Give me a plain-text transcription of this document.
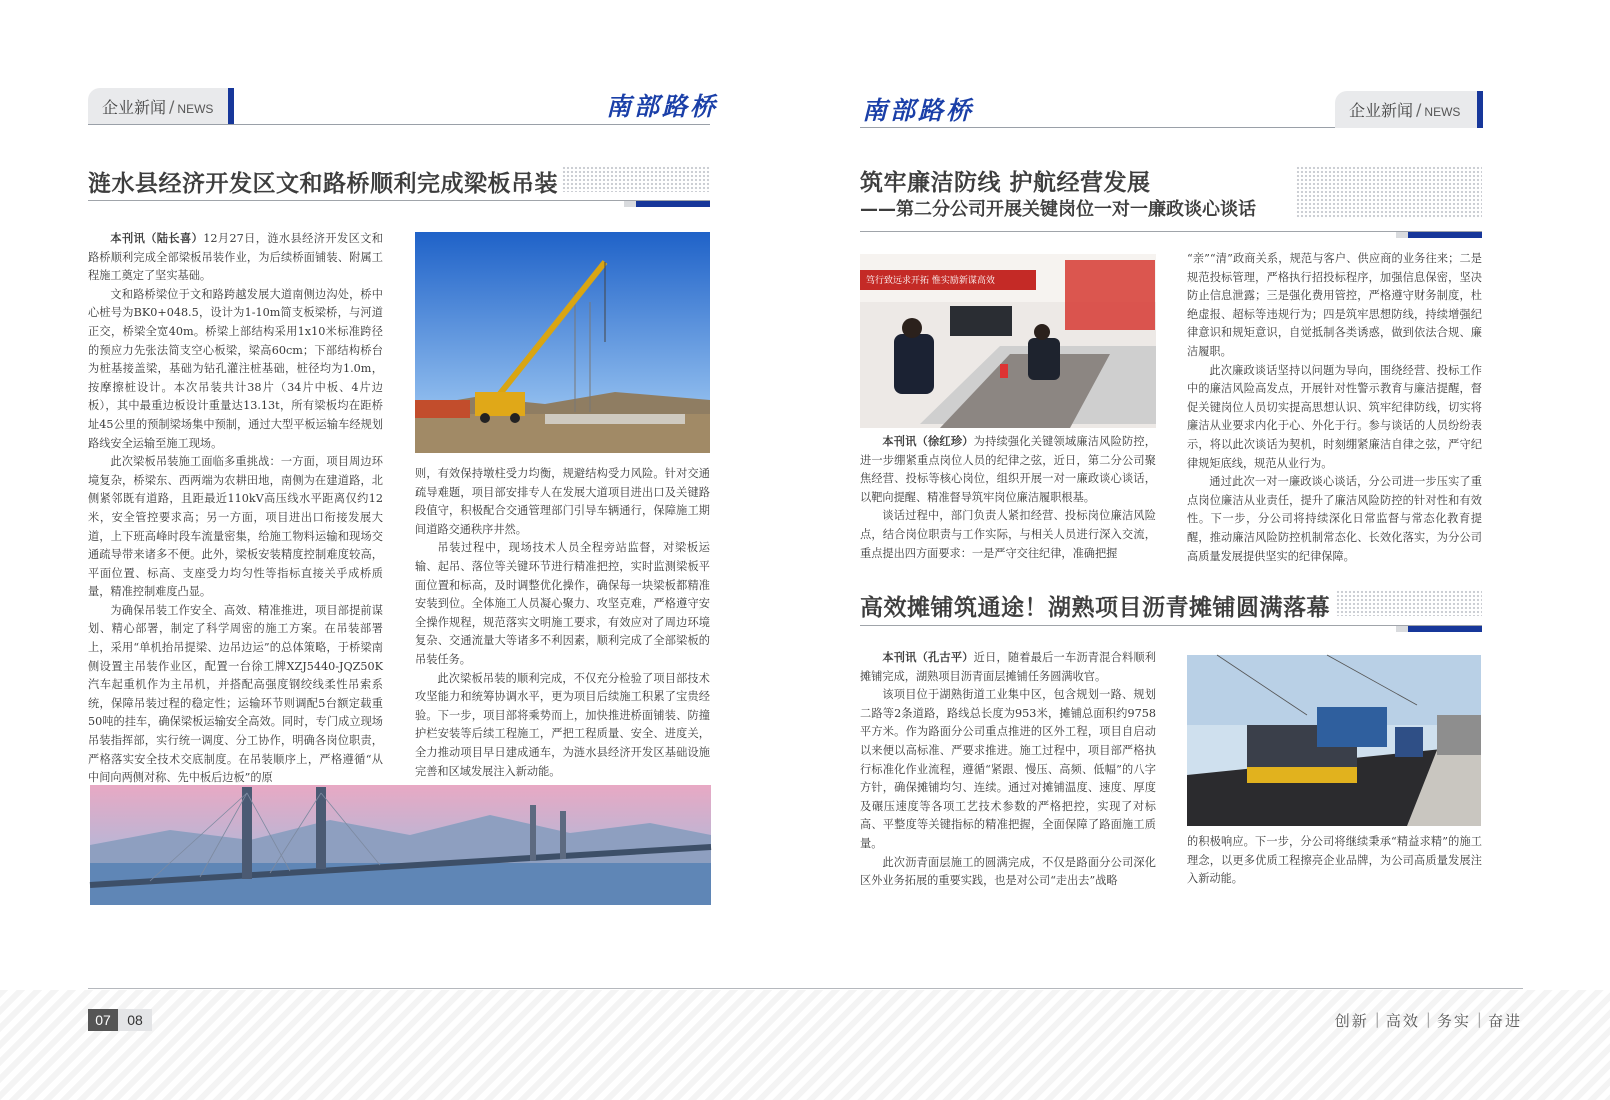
企业新闻 / NEWS	南部路桥	南部路桥	企业新闻 / NEWS
涟水县经济开发区文和路桥顺利完成梁板吊装

本刊讯（陆长喜）12月27日，涟水县经济开发区文和路桥顺利完成全部梁板吊装作业，为后续桥面铺装、附属工程施工奠定了坚实基础。

文和路桥梁位于文和路跨越发展大道南侧边沟处，桥中心桩号为BK0+048.5，设计为1-10m简支板梁桥，与河道正交，桥梁全宽40m。桥梁上部结构采用1x10米标准跨径的预应力先张法简支空心板梁，梁高60cm；下部结构桥台为桩基接盖梁，基础为钻孔灌注桩基础，桩径均为1.0m，按摩擦桩设计。本次吊装共计38片（34片中板、4片边板），其中最重边板设计重量达13.13t，所有梁板均在距桥址45公里的预制梁场集中预制，通过大型平板运输车经规划路线安全运输至施工现场。

此次梁板吊装施工面临多重挑战：一方面，项目周边环境复杂，桥梁东、西两端为农耕田地，南侧为在建道路，北侧紧邻既有道路，且距最近110kV高压线水平距离仅约12米，安全管控要求高；另一方面，项目进出口衔接发展大道，上下班高峰时段车流量密集，给施工物料运输和现场交通疏导带来诸多不便。此外，梁板安装精度控制难度较高，平面位置、标高、支座受力均匀性等指标直接关乎成桥质量，精准控制难度凸显。

为确保吊装工作安全、高效、精准推进，项目部提前谋划、精心部署，制定了科学周密的施工方案。在吊装部署上，采用“单机抬吊提梁、边吊边运”的总体策略，于桥梁南侧设置主吊装作业区，配置一台徐工牌XZJ5440-JQZ50K汽车起重机作为主吊机，并搭配高强度钢绞线柔性吊索系统，保障吊装过程的稳定性；运输环节则调配5台额定载重50吨的挂车，确保梁板运输安全高效。同时，专门成立现场吊装指挥部，实行统一调度、分工协作，明确各岗位职责，严格落实安全技术交底制度。在吊装顺序上，严格遵循“从中间向两侧对称、先中板后边板”的原

则，有效保持墩柱受力均衡，规避结构受力风险。针对交通疏导难题，项目部安排专人在发展大道项目进出口及关键路段值守，积极配合交通管理部门引导车辆通行，保障施工期间道路交通秩序井然。

吊装过程中，现场技术人员全程旁站监督，对梁板运输、起吊、落位等关键环节进行精准把控，实时监测梁板平面位置和标高，及时调整优化操作，确保每一块梁板都精准安装到位。全体施工人员凝心聚力、攻坚克难，严格遵守安全操作规程，规范落实文明施工要求，有效应对了周边环境复杂、交通流量大等诸多不利因素，顺利完成了全部梁板的吊装任务。

此次梁板吊装的顺利完成，不仅充分检验了项目部技术攻坚能力和统筹协调水平，更为项目后续施工积累了宝贵经验。下一步，项目部将乘势而上，加快推进桥面铺装、防撞护栏安装等后续工程施工，严把工程质量、安全、进度关，全力推动项目早日建成通车，为涟水县经济开发区基础设施完善和区域发展注入新动能。

筑牢廉洁防线 护航经营发展
——第二分公司开展关键岗位一对一廉政谈心谈话
笃行致远求开拓 惟实励新谋高效

本刊讯（徐红珍）为持续强化关键领域廉洁风险防控，进一步绷紧重点岗位人员的纪律之弦，近日，第二分公司聚焦经营、投标等核心岗位，组织开展一对一廉政谈心谈话，以靶向提醒、精准督导筑牢岗位廉洁履职根基。

谈话过程中，部门负责人紧扣经营、投标岗位廉洁风险点，结合岗位职责与工作实际，与相关人员进行深入交流，重点提出四方面要求：一是严守交往纪律，准确把握

“亲”“清”政商关系，规范与客户、供应商的业务往来；二是规范投标管理，严格执行招投标程序，加强信息保密，坚决防止信息泄露；三是强化费用管控，严格遵守财务制度，杜绝虚报、超标等违规行为；四是筑牢思想防线，持续增强纪律意识和规矩意识，自觉抵制各类诱惑，做到依法合规、廉洁履职。

此次廉政谈话坚持以问题为导向，围绕经营、投标工作中的廉洁风险高发点，开展针对性警示教育与廉洁提醒，督促关键岗位人员切实提高思想认识、筑牢纪律防线，切实将廉洁从业要求内化于心、外化于行。参与谈话的人员纷纷表示，将以此次谈话为契机，时刻绷紧廉洁自律之弦，严守纪律规矩底线，规范从业行为。

通过此次一对一廉政谈心谈话，分公司进一步压实了重点岗位廉洁从业责任，提升了廉洁风险防控的针对性和有效性。下一步，分公司将持续深化日常监督与常态化教育提醒，推动廉洁风险防控机制常态化、长效化落实，为分公司高质量发展提供坚实的纪律保障。

高效摊铺筑通途！湖熟项目沥青摊铺圆满落幕

本刊讯（孔古平）近日，随着最后一车沥青混合料顺利摊铺完成，湖熟项目沥青面层摊铺任务圆满收官。

该项目位于湖熟街道工业集中区，包含规划一路、规划二路等2条道路，路线总长度为953米，摊铺总面积约9758平方米。作为路面分公司重点推进的区外工程，项目自启动以来便以高标准、严要求推进。施工过程中，项目部严格执行标准化作业流程，遵循“紧跟、慢压、高频、低幅”的八字方针，确保摊铺均匀、连续。通过对摊铺温度、速度、厚度及碾压速度等各项工艺技术参数的严格把控，实现了对标高、平整度等关键指标的精准把握，全面保障了路面施工质量。

此次沥青面层施工的圆满完成，不仅是路面分公司深化区外业务拓展的重要实践，也是对公司“走出去”战略

的积极响应。下一步，分公司将继续秉承“精益求精”的施工理念，以更多优质工程擦亮企业品牌，为公司高质量发展注入新动能。

07	08	创新 | 高效 | 务实 | 奋进
